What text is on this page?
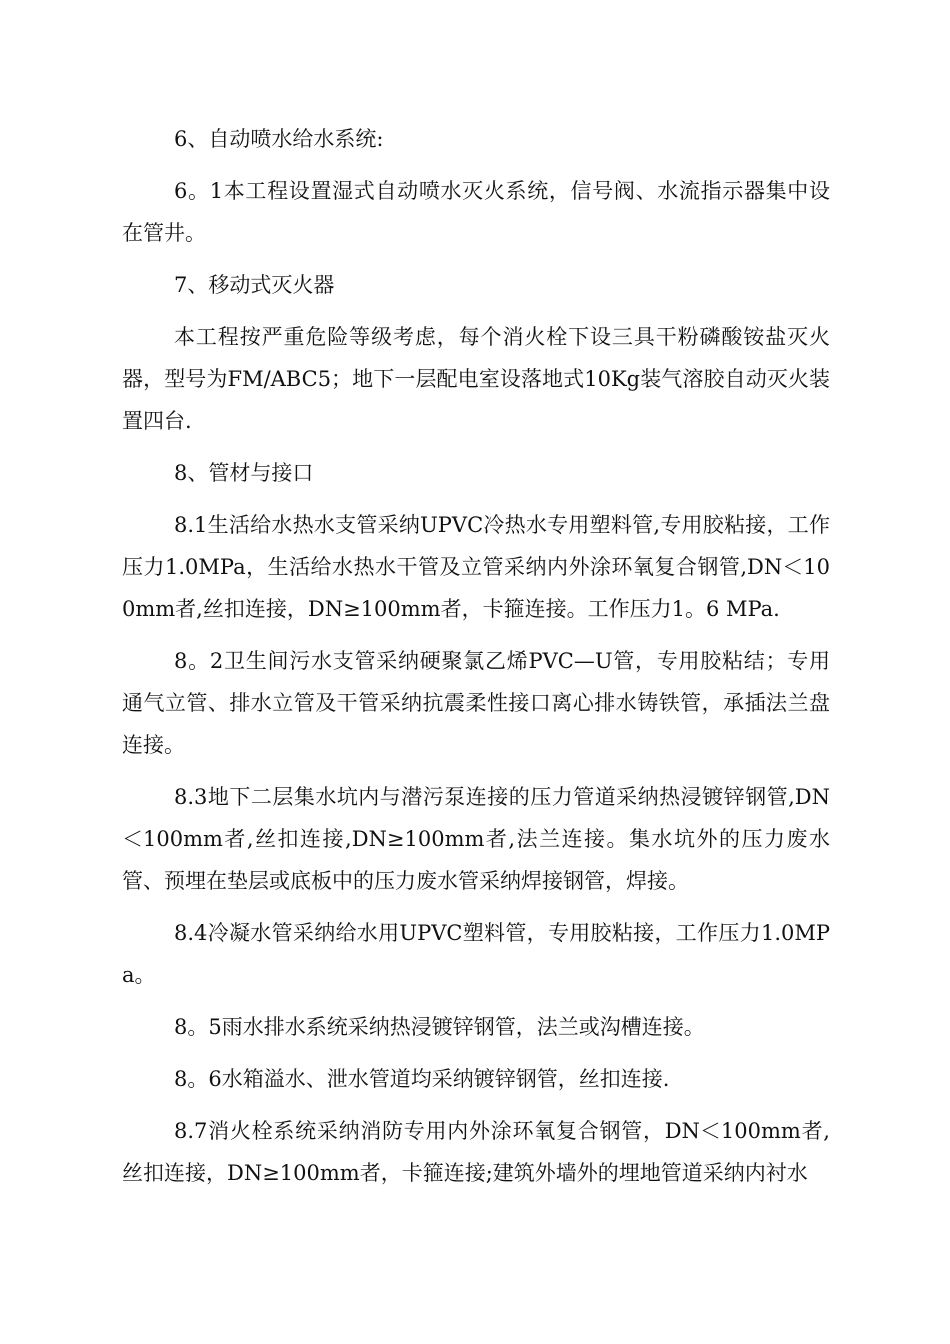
6、自动喷水给水系统:

6。1本工程设置湿式自动喷水灭火系统，信号阀、水流指示器集中设在管井。

7、移动式灭火器

本工程按严重危险等级考虑，每个消火栓下设三具干粉磷酸铵盐灭火器，型号为FM/ABC5；地下一层配电室设落地式10Kg装气溶胶自动灭火装置四台.

8、管材与接口

8.1生活给水热水支管采纳UPVC冷热水专用塑料管,专用胶粘接，工作压力1.0MPa，生活给水热水干管及立管采纳内外涂环氧复合钢管,DN＜100mm者,丝扣连接，DN≥100mm者，卡箍连接。工作压力1。6 MPa.

8。2卫生间污水支管采纳硬聚氯乙烯PVC—U管，专用胶粘结；专用通气立管、排水立管及干管采纳抗震柔性接口离心排水铸铁管，承插法兰盘连接。

8.3地下二层集水坑内与潜污泵连接的压力管道采纳热浸镀锌钢管,DN＜100mm者,丝扣连接,DN≥100mm者,法兰连接。集水坑外的压力废水管、预埋在垫层或底板中的压力废水管采纳焊接钢管，焊接。

8.4冷凝水管采纳给水用UPVC塑料管，专用胶粘接，工作压力1.0MPa。

8。5雨水排水系统采纳热浸镀锌钢管，法兰或沟槽连接。

8。6水箱溢水、泄水管道均采纳镀锌钢管，丝扣连接.

8.7消火栓系统采纳消防专用内外涂环氧复合钢管，DN＜100mm者,丝扣连接，DN≥100mm者，卡箍连接;建筑外墙外的埋地管道采纳内衬水
